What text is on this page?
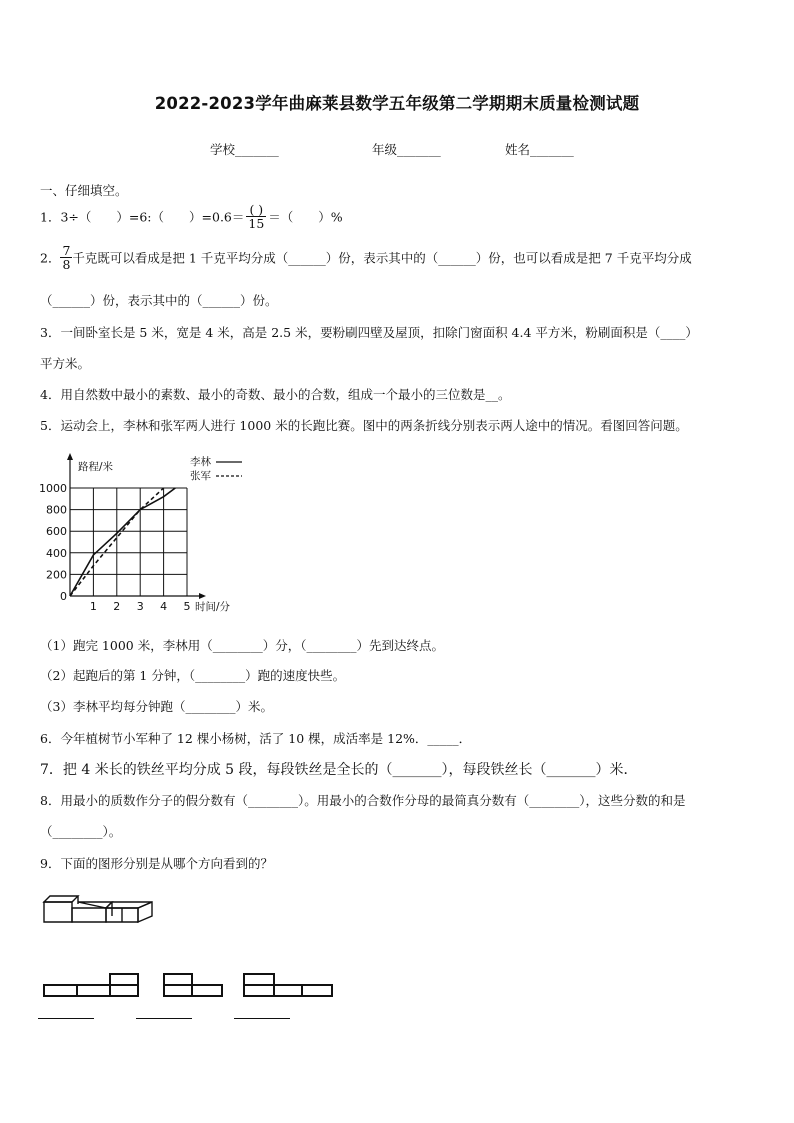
2022-2023学年曲麻莱县数学五年级第二学期期末质量检测试题
学校_______	年级_______	姓名_______
一、仔细填空。
1．3÷（　　）=6:（　　）$=0.6= \frac{( )}{15}$ ＝（　　）%
2． $\frac{7}{8}$ 千克既可以看成是把 1 千克平均分成（______）份，表示其中的（______）份，也可以看成是把 7 千克平均分成
（______）份，表示其中的（______）份。
3．一间卧室长是 5 米，宽是 4 米，高是 2.5 米，要粉刷四壁及屋顶，扣除门窗面积 4.4 平方米，粉刷面积是（____）
平方米。
4．用自然数中最小的素数、最小的奇数、最小的合数，组成一个最小的三位数是__。
5．运动会上，李林和张军两人进行 1000 米的长跑比赛。图中的两条折线分别表示两人途中的情况。看图回答问题。
0
200
400
600
800
1000
1 2 3 4 5
路程/米
时间/分
李林
张军
（1）跑完 1000 米，李林用（________）分，（________）先到达终点。
（2）起跑后的第 1 分钟，（________）跑的速度快些。
（3）李林平均每分钟跑（________）米。
6．今年植树节小军种了 12 棵小杨树，活了 10 棵，成活率是 12%．_____．
7．把 4 米长的铁丝平均分成 5 段，每段铁丝是全长的（_______），每段铁丝长（_______）米．
8．用最小的质数作分子的假分数有（________）。用最小的合数作分母的最简真分数有（________），这些分数的和是
（________）。
9．下面的图形分别是从哪个方向看到的？
